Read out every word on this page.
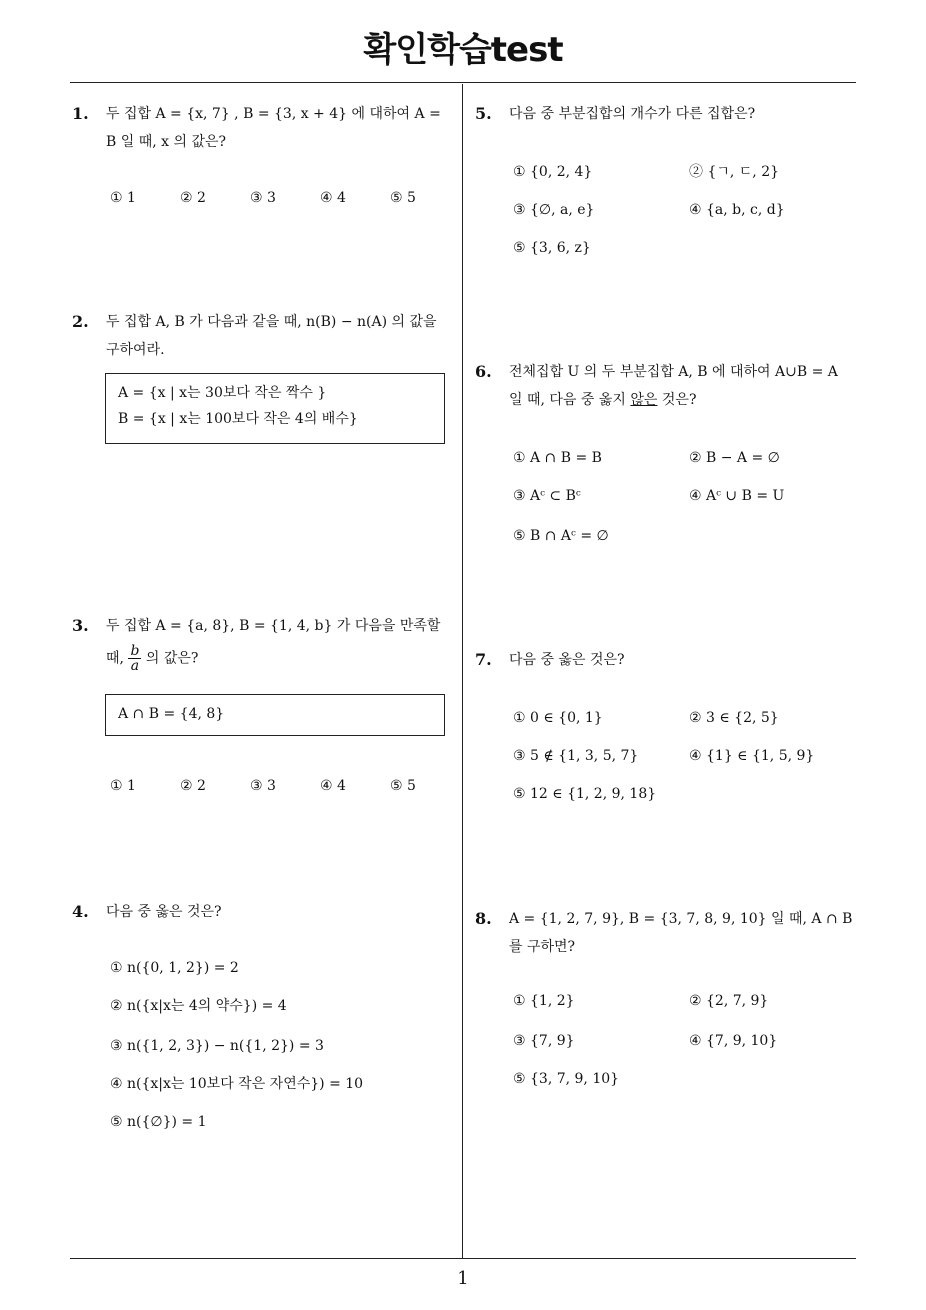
확인학습test
1
1. 두 집합 A = {x, 7} , B = {3, x + 4} 에 대하여 A =
B 일 때, x 의 값은?
① 1	② 2	③ 3	④ 4	⑤ 5
2. 두 집합 A, B 가 다음과 같을 때, n(B) − n(A) 의 값을
구하여라.
A = {x | x는 30보다 작은 짝수 }
B = {x | x는 100보다 작은 4의 배수}
3. 두 집합 A = {a, 8}, B = {1, 4, b} 가 다음을 만족할
때, $\frac{b}{a}$ 의 값은?
A ∩ B = {4, 8}
① 1	② 2	③ 3	④ 4	⑤ 5
4. 다음 중 옳은 것은?
① n({0, 1, 2}) = 2
② n({x|x는 4의 약수}) = 4
③ n({1, 2, 3}) − n({1, 2}) = 3
④ n({x|x는 10보다 작은 자연수}) = 10
⑤ n({∅}) = 1
5. 다음 중 부분집합의 개수가 다른 집합은?
① {0, 2, 4}	② {ㄱ, ㄷ, 2}
③ {∅, a, e}	④ {a, b, c, d}
⑤ {3, 6, z}
6. 전체집합 U 의 두 부분집합 A, B 에 대하여 A∪B = A
일 때, 다음 중 옳지 않은 것은?
① A ∩ B = B	② B − A = ∅
③ Aᶜ ⊂ Bᶜ	④ Aᶜ ∪ B = U
⑤ B ∩ Aᶜ = ∅
7. 다음 중 옳은 것은?
① 0 ∈ {0, 1}	② 3 ∈ {2, 5}
③ 5 ∉ {1, 3, 5, 7}	④ {1} ∈ {1, 5, 9}
⑤ 12 ∈ {1, 2, 9, 18}
8. A = {1, 2, 7, 9}, B = {3, 7, 8, 9, 10} 일 때, A ∩ B
를 구하면?
① {1, 2}	② {2, 7, 9}
③ {7, 9}	④ {7, 9, 10}
⑤ {3, 7, 9, 10}
